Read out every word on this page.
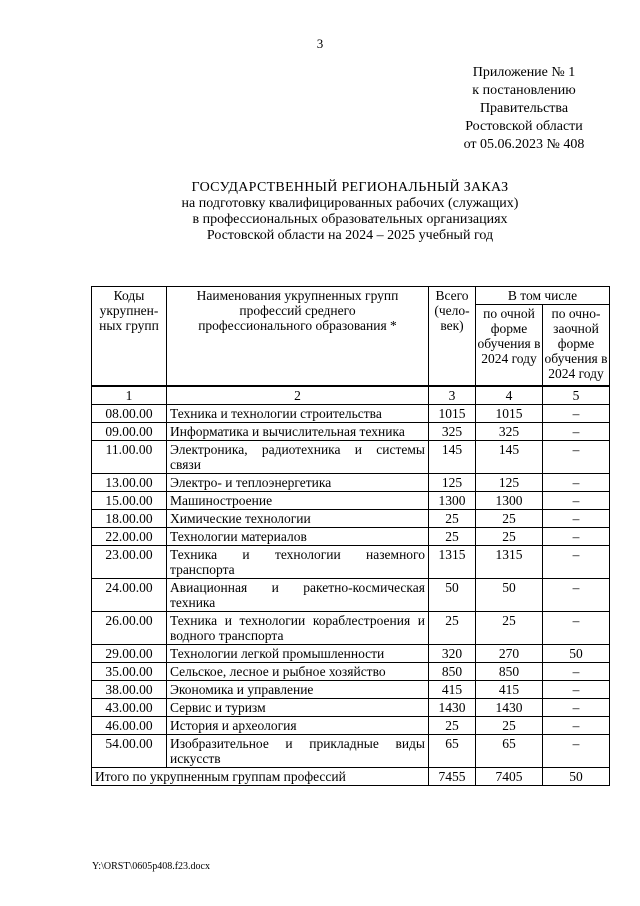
3
Приложение № 1
к постановлению
Правительства
Ростовской области
от 05.06.2023 № 408
ГОСУДАРСТВЕННЫЙ РЕГИОНАЛЬНЫЙ ЗАКАЗ
на подготовку квалифицированных рабочих (служащих)
в профессиональных образовательных организациях
Ростовской области на 2024 – 2025 учебный год
Коды укрупнен-ных групп	Наименования укрупненных групп профессий среднего профессионального образования *	Всего (чело-век)	В том числе	
			по очной форме обучения в 2024 году	по очно-заочной форме обучения в 2024 году
1	2	3	4	5
08.00.00	Техника и технологии строительства	1015	1015	–
09.00.00	Информатика и вычислительная техника	325	325	–
11.00.00	Электроника, радиотехника и системы связи	145	145	–
13.00.00	Электро- и теплоэнергетика	125	125	–
15.00.00	Машиностроение	1300	1300	–
18.00.00	Химические технологии	25	25	–
22.00.00	Технологии материалов	25	25	–
23.00.00	Техника и технологии наземного транспорта	1315	1315	–
24.00.00	Авиационная и ракетно-космическая техника	50	50	–
26.00.00	Техника и технологии кораблестроения и водного транспорта	25	25	–
29.00.00	Технологии легкой промышленности	320	270	50
35.00.00	Сельское, лесное и рыбное хозяйство	850	850	–
38.00.00	Экономика и управление	415	415	–
43.00.00	Сервис и туризм	1430	1430	–
46.00.00	История и археология	25	25	–
54.00.00	Изобразительное и прикладные виды искусств	65	65	–
Итого по укрупненным группам профессий		7455	7405	50
Y:\ORST\0605p408.f23.docx
